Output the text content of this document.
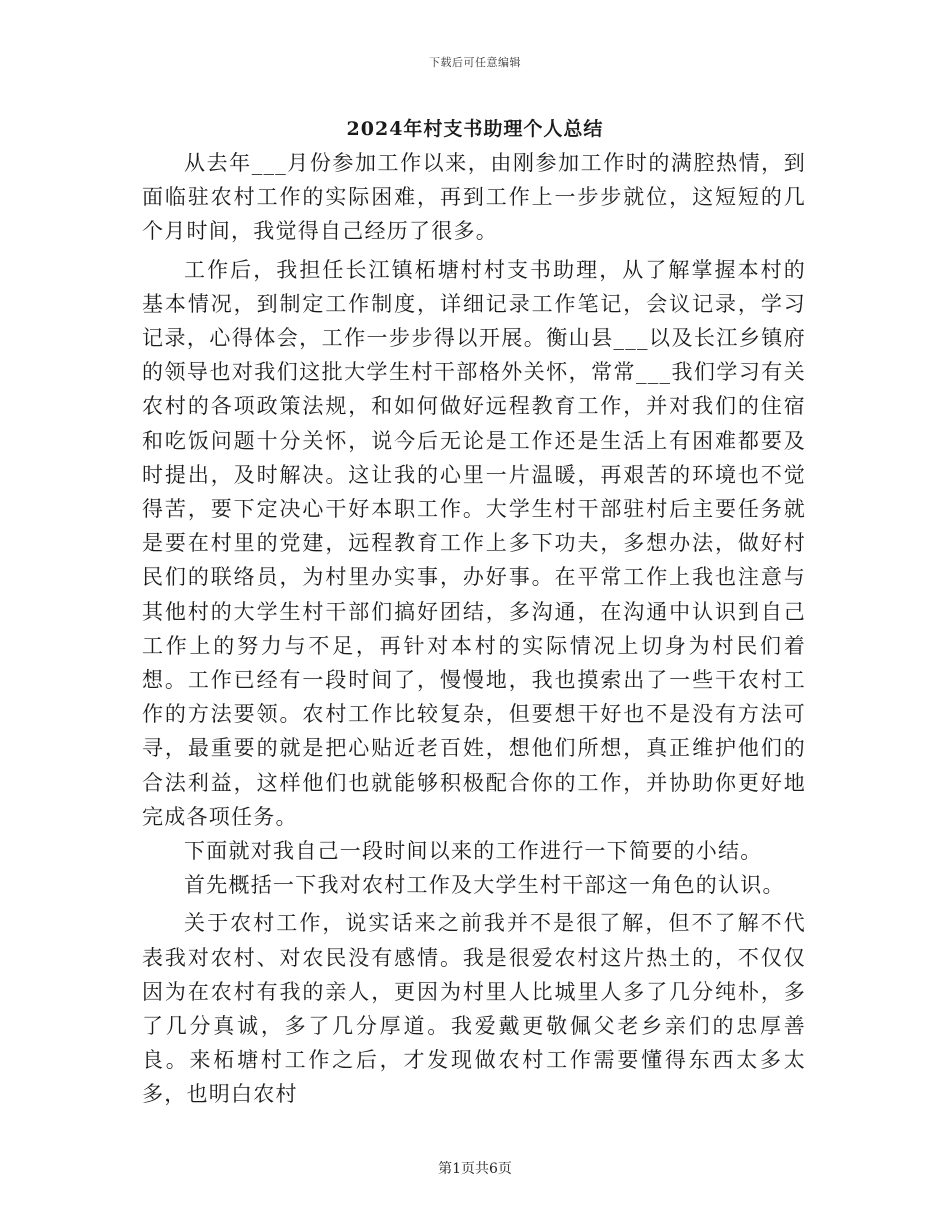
下载后可任意编辑
2024年村支书助理个人总结

从去年___月份参加工作以来，由刚参加工作时的满腔热情，到面临驻农村工作的实际困难，再到工作上一步步就位，这短短的几个月时间，我觉得自己经历了很多。

工作后，我担任长江镇柘塘村村支书助理，从了解掌握本村的基本情况，到制定工作制度，详细记录工作笔记，会议记录，学习记录，心得体会，工作一步步得以开展。衡山县___以及长江乡镇府的领导也对我们这批大学生村干部格外关怀，常常___我们学习有关农村的各项政策法规，和如何做好远程教育工作，并对我们的住宿和吃饭问题十分关怀，说今后无论是工作还是生活上有困难都要及时提出，及时解决。这让我的心里一片温暖，再艰苦的环境也不觉得苦，要下定决心干好本职工作。大学生村干部驻村后主要任务就是要在村里的党建，远程教育工作上多下功夫，多想办法，做好村民们的联络员，为村里办实事，办好事。在平常工作上我也注意与其他村的大学生村干部们搞好团结，多沟通，在沟通中认识到自己工作上的努力与不足，再针对本村的实际情况上切身为村民们着想。工作已经有一段时间了，慢慢地，我也摸索出了一些干农村工作的方法要领。农村工作比较复杂，但要想干好也不是没有方法可寻，最重要的就是把心贴近老百姓，想他们所想，真正维护他们的合法利益，这样他们也就能够积极配合你的工作，并协助你更好地完成各项任务。

下面就对我自己一段时间以来的工作进行一下简要的小结。

首先概括一下我对农村工作及大学生村干部这一角色的认识。

关于农村工作，说实话来之前我并不是很了解，但不了解不代表我对农村、对农民没有感情。我是很爱农村这片热土的，不仅仅因为在农村有我的亲人，更因为村里人比城里人多了几分纯朴，多了几分真诚，多了几分厚道。我爱戴更敬佩父老乡亲们的忠厚善良。来柘塘村工作之后，才发现做农村工作需要懂得东西太多太多，也明白农村

第1页共6页
